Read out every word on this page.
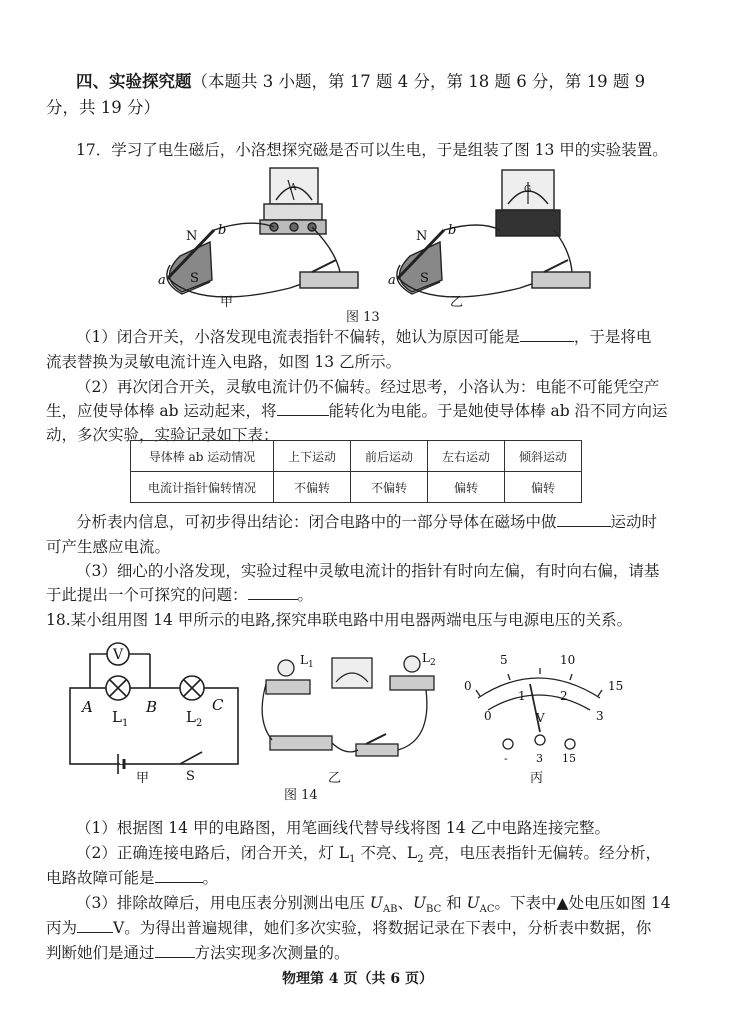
四、实验探究题（本题共 3 小题，第 17 题 4 分，第 18 题 6 分，第 19 题 9
分，共 19 分）
17．学习了电生磁后，小洛想探究磁是否可以生电，于是组装了图 13 甲的实验装置。
N
S
a
b
A
甲
N
S
a
b
G
乙
图 13
（1）闭合开关，小洛发现电流表指针不偏转，她认为原因可能是	，于是将电
流表替换为灵敏电流计连入电路，如图 13 乙所示。
（2）再次闭合开关，灵敏电流计仍不偏转。经过思考，小洛认为：电能不可能凭空产
生，应使导体棒 ab 运动起来，将	能转化为电能。于是她使导体棒 ab 沿不同方向运
动，多次实验，实验记录如下表：
导体棒 ab 运动情况	上下运动	前后运动	左右运动	倾斜运动
电流计指针偏转情况	不偏转	不偏转	偏转	偏转
分析表内信息，可初步得出结论：闭合电路中的一部分导体在磁场中做	运动时
可产生感应电流。
（3）细心的小洛发现，实验过程中灵敏电流计的指针有时向左偏，有时向右偏，请基
于此提出一个可探究的问题：	。
18.某小组用图 14 甲所示的电路,探究串联电路中用电器两端电压与电源电压的关系。
V
A	B	C
$L_1$	$L_2$
甲	S
$L_1$	$L_2$
乙
0
5	10
15
0
1	2
3
V
-	3 15
丙
图 14
（1）根据图 14 甲的电路图，用笔画线代替导线将图 14 乙中电路连接完整。
（2）正确连接电路后，闭合开关，灯 $L_1$ 不亮、$L_2$ 亮，电压表指针无偏转。经分析，
电路故障可能是	。
（3）排除故障后，用电压表分别测出电压 $U_{AB}$、$U_{BC}$ 和 $U_{AC}$。下表中▲处电压如图 14
丙为 V。为得出普遍规律，她们多次实验，将数据记录在下表中，分析表中数据，你
判断她们是通过	方法实现多次测量的。
物理第 4 页（共 6 页）
